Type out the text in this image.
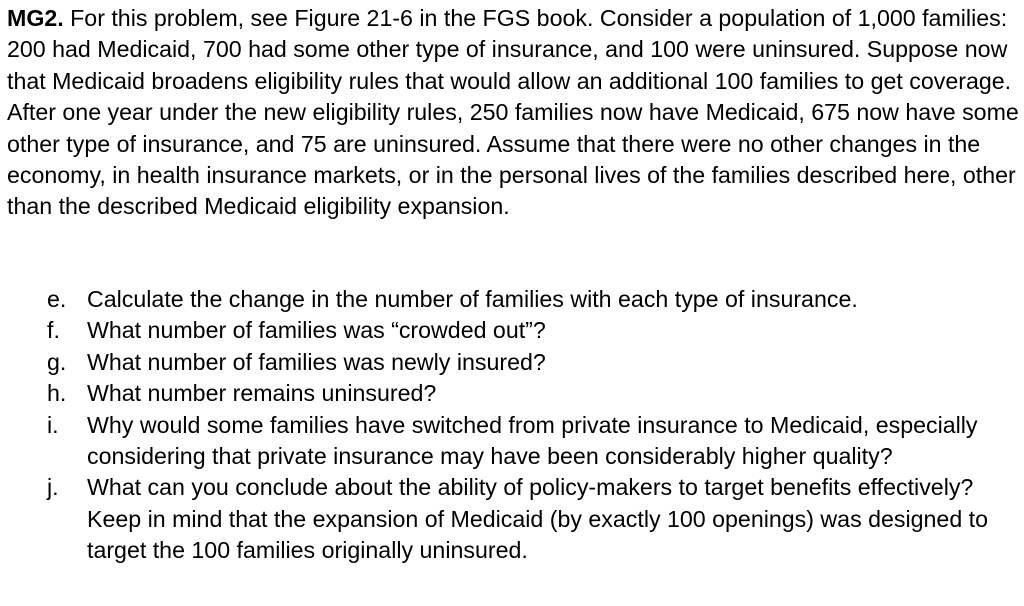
MG2. For this problem, see Figure 21-6 in the FGS book. Consider a population of 1,000 families: 200 had Medicaid, 700 had some other type of insurance, and 100 were uninsured. Suppose now that Medicaid broadens eligibility rules that would allow an additional 100 families to get coverage. After one year under the new eligibility rules, 250 families now have Medicaid, 675 now have some other type of insurance, and 75 are uninsured. Assume that there were no other changes in the economy, in health insurance markets, or in the personal lives of the families described here, other than the described Medicaid eligibility expansion.

e. Calculate the change in the number of families with each type of insurance.
f. What number of families was “crowded out”?
g. What number of families was newly insured?
h. What number remains uninsured?
i. Why would some families have switched from private insurance to Medicaid, especially considering that private insurance may have been considerably higher quality?
j. What can you conclude about the ability of policy-makers to target benefits effectively? Keep in mind that the expansion of Medicaid (by exactly 100 openings) was designed to target the 100 families originally uninsured.
